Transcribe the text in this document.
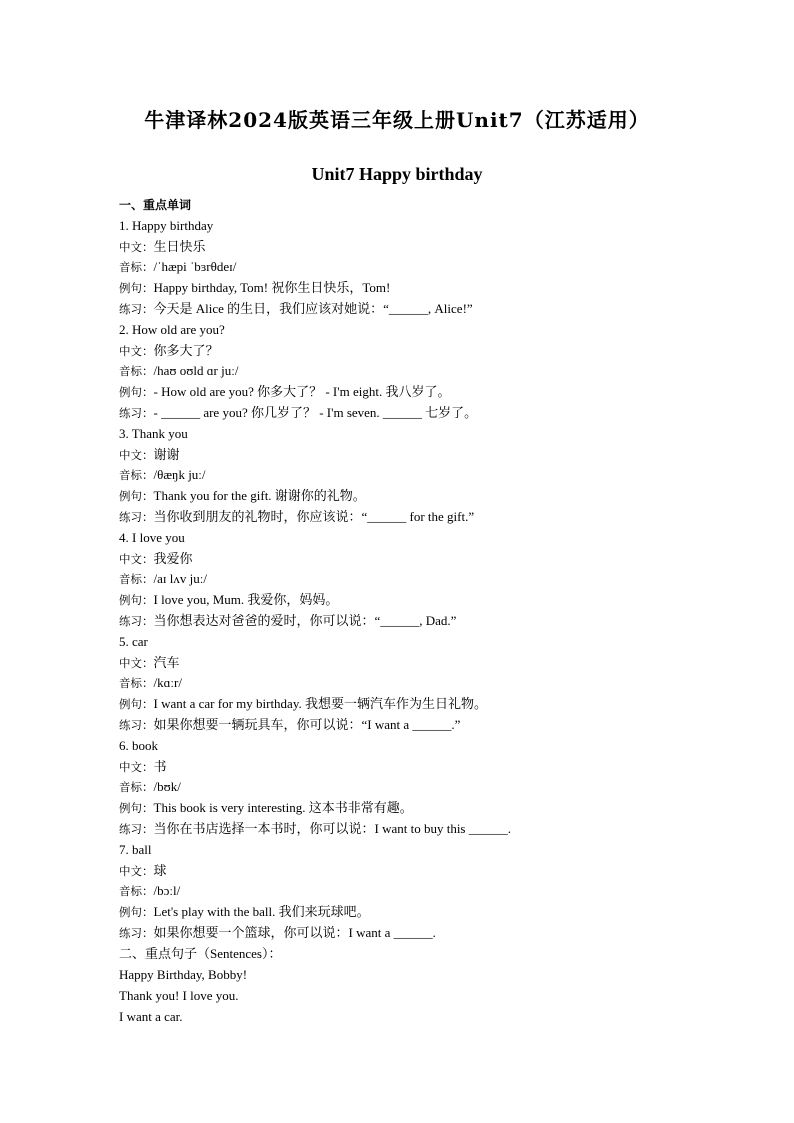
牛津译林2024版英语三年级上册Unit7（江苏适用）
Unit7 Happy birthday
一、重点单词
1. Happy birthday
中文：生日快乐
音标：/ˈhæpi ˈbɜrθdeɪ/
例句：Happy birthday, Tom! 祝你生日快乐，Tom!
练习：今天是 Alice 的生日，我们应该对她说：“______, Alice!”
2. How old are you?
中文：你多大了？
音标：/haʊ oʊld ɑr juː/
例句：- How old are you? 你多大了？ - I'm eight. 我八岁了。
练习：- ______ are you? 你几岁了？ - I'm seven. ______ 七岁了。
3. Thank you
中文：谢谢
音标：/θæŋk juː/
例句：Thank you for the gift. 谢谢你的礼物。
练习：当你收到朋友的礼物时，你应该说：“______ for the gift.”
4. I love you
中文：我爱你
音标：/aɪ lʌv juː/
例句：I love you, Mum. 我爱你，妈妈。
练习：当你想表达对爸爸的爱时，你可以说：“______, Dad.”
5. car
中文：汽车
音标：/kɑːr/
例句：I want a car for my birthday. 我想要一辆汽车作为生日礼物。
练习：如果你想要一辆玩具车，你可以说：“I want a ______.”
6. book
中文：书
音标：/bʊk/
例句：This book is very interesting. 这本书非常有趣。
练习：当你在书店选择一本书时，你可以说：I want to buy this ______.
7. ball
中文：球
音标：/bɔːl/
例句：Let's play with the ball. 我们来玩球吧。
练习：如果你想要一个篮球，你可以说：I want a ______.
二、重点句子（Sentences）：
Happy Birthday, Bobby!
Thank you! I love you.
I want a car.
